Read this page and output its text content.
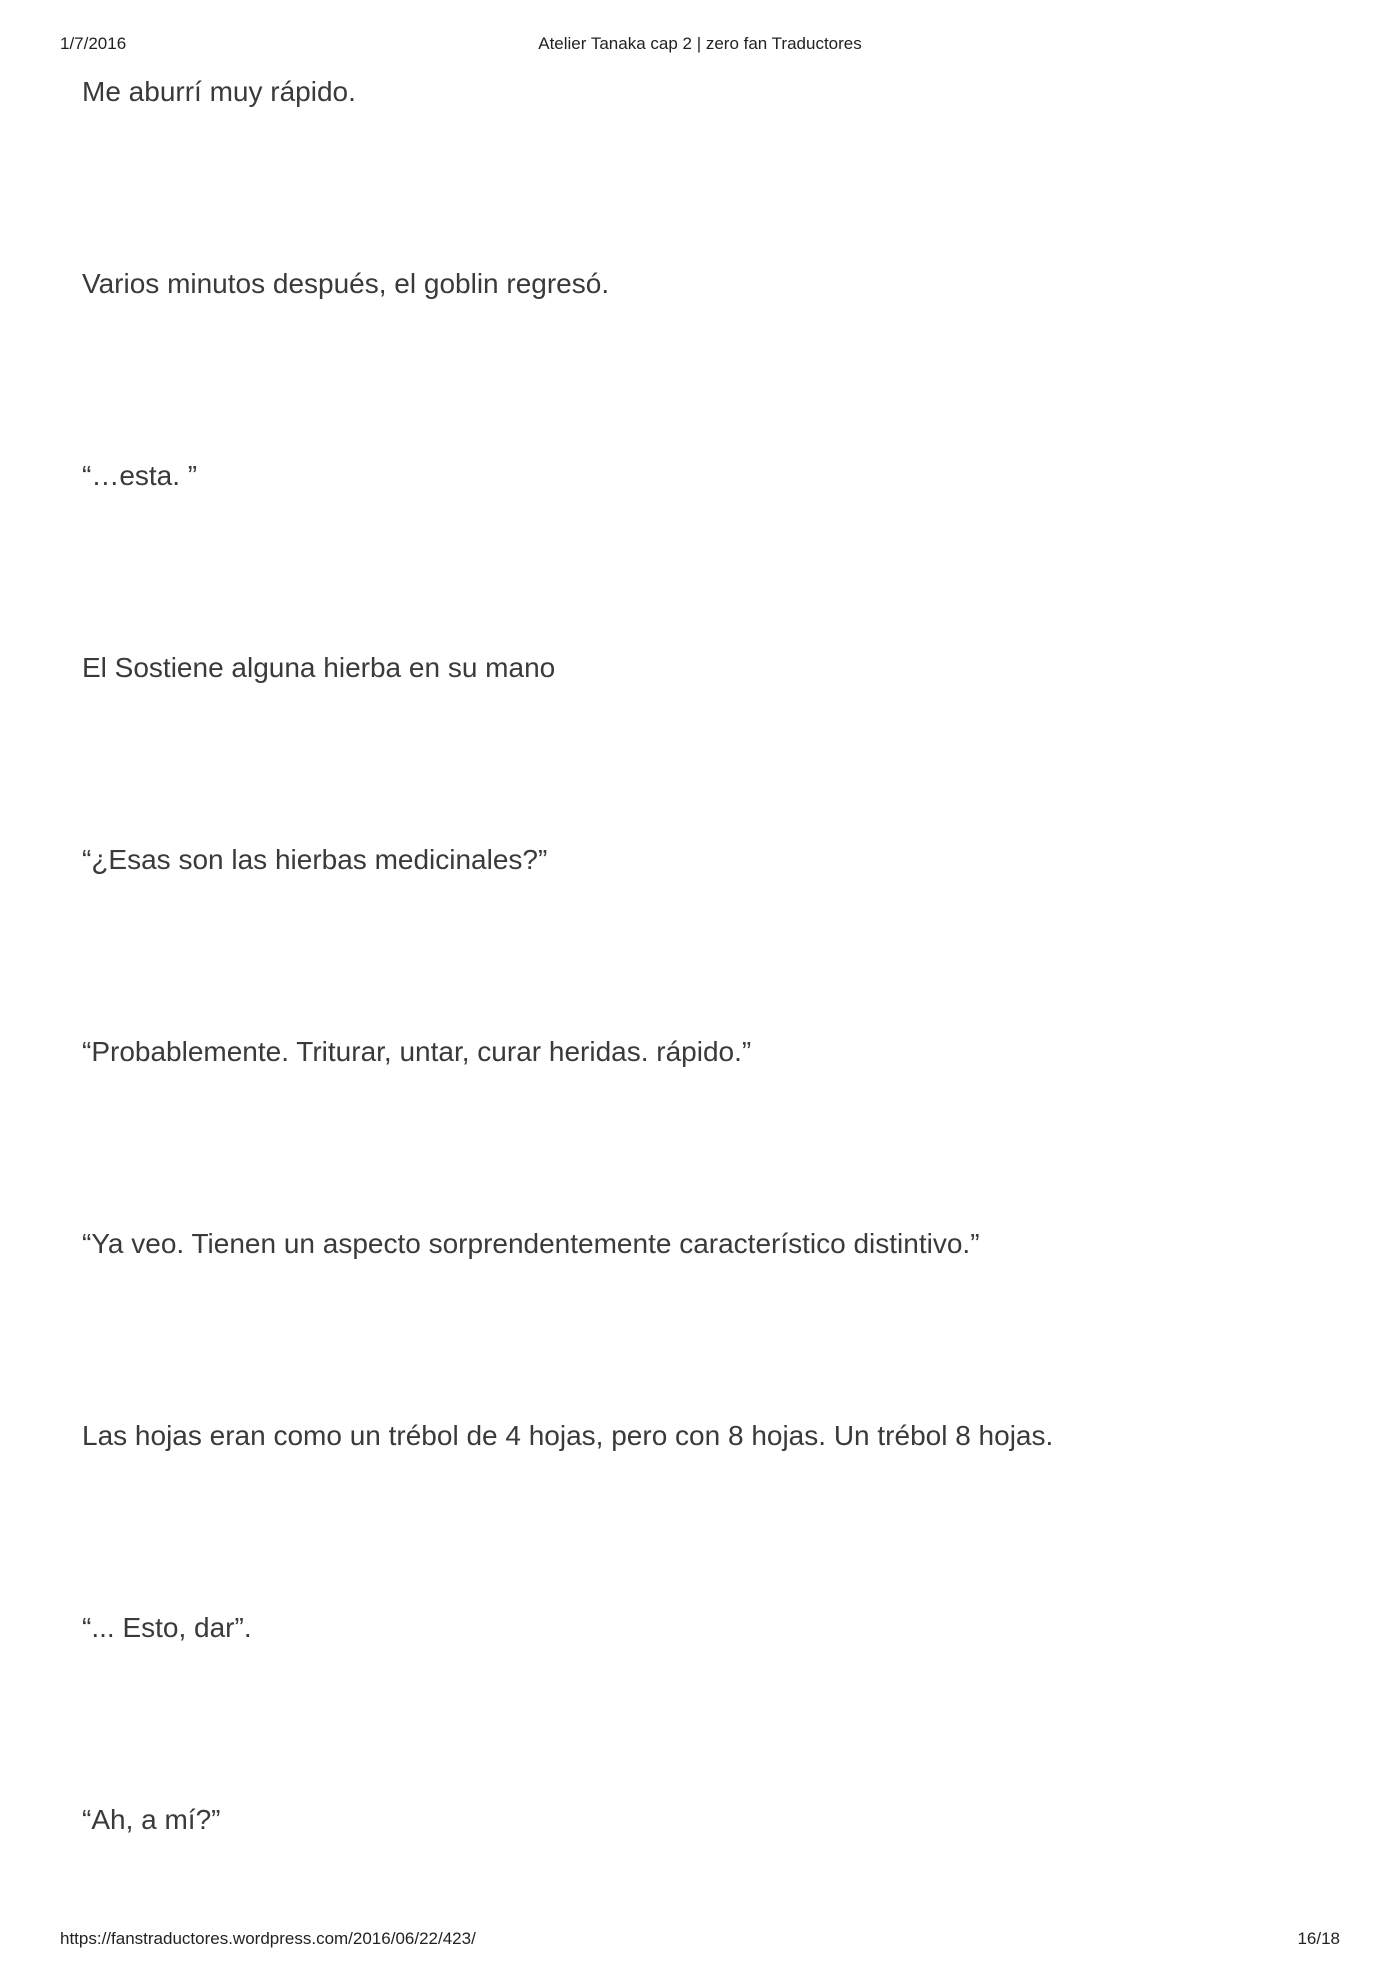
1/7/2016	Atelier Tanaka cap 2 | zero fan Traductores

Me aburrí muy rápido.

Varios minutos después, el goblin regresó.

“…esta. ”

El Sostiene alguna hierba en su mano

“¿Esas son las hierbas medicinales?”

“Probablemente. Triturar, untar, curar heridas. rápido.”

“Ya veo. Tienen un aspecto sorprendentemente característico distintivo.”

Las hojas eran como un trébol de 4 hojas, pero con 8 hojas. Un trébol 8 hojas.

“... Esto, dar”.

“Ah, a mí?”

https://fanstraductores.wordpress.com/2016/06/22/423/	16/18
